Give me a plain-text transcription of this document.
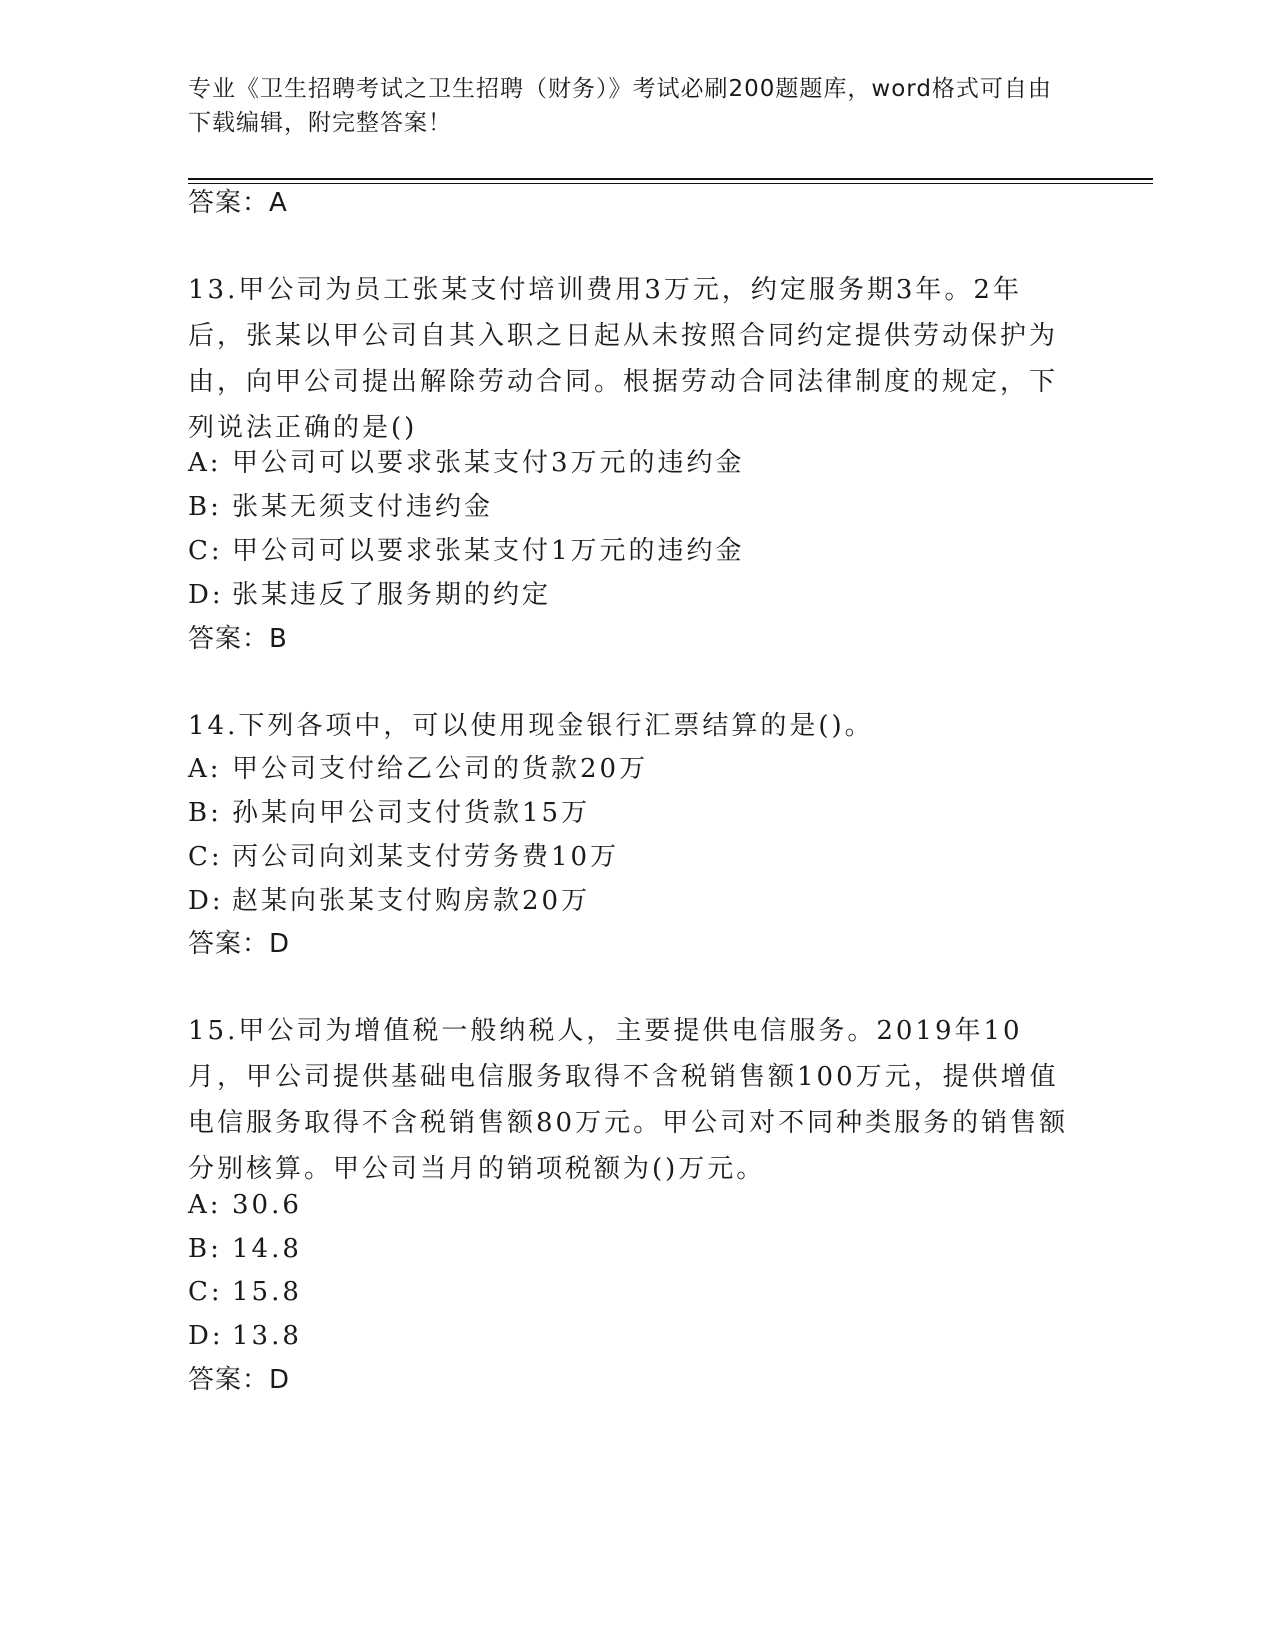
专业《卫生招聘考试之卫生招聘（财务）》考试必刷200题题库，word格式可自由下载编辑，附完整答案！
答案：A
13.甲公司为员工张某支付培训费用3万元，约定服务期3年。2年后，张某以甲公司自其入职之日起从未按照合同约定提供劳动保护为由，向甲公司提出解除劳动合同。根据劳动合同法律制度的规定，下列说法正确的是()
A: 甲公司可以要求张某支付3万元的违约金
B: 张某无须支付违约金
C: 甲公司可以要求张某支付1万元的违约金
D: 张某违反了服务期的约定
答案：B
14.下列各项中，可以使用现金银行汇票结算的是()。
A: 甲公司支付给乙公司的货款20万
B: 孙某向甲公司支付货款15万
C: 丙公司向刘某支付劳务费10万
D: 赵某向张某支付购房款20万
答案：D
15.甲公司为增值税一般纳税人，主要提供电信服务。2019年10月，甲公司提供基础电信服务取得不含税销售额100万元，提供增值电信服务取得不含税销售额80万元。甲公司对不同种类服务的销售额分别核算。甲公司当月的销项税额为()万元。
A: 30.6
B: 14.8
C: 15.8
D: 13.8
答案：D
